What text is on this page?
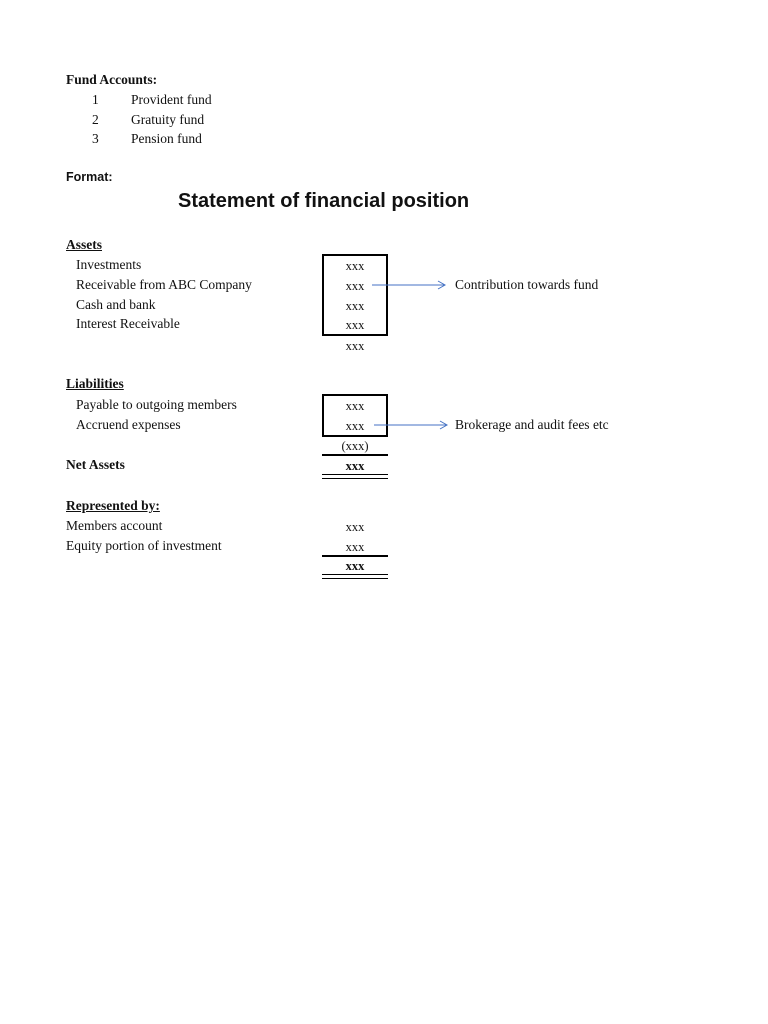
Fund Accounts:
1 Provident fund
2 Gratuity fund
3 Pension fund
Format:
Statement of financial position
Assets
Investments
Receivable from ABC Company
Cash and bank
Interest Receivable
xxx
xxx
xxx
xxx
xxx
Contribution towards fund
Liabilities
Payable to outgoing members
Accruend expenses
xxx
xxx
(xxx)
Brokerage and audit fees etc
Net Assets	xxx
Represented by:
Members account
Equity portion of investment
xxx
xxx
xxx
